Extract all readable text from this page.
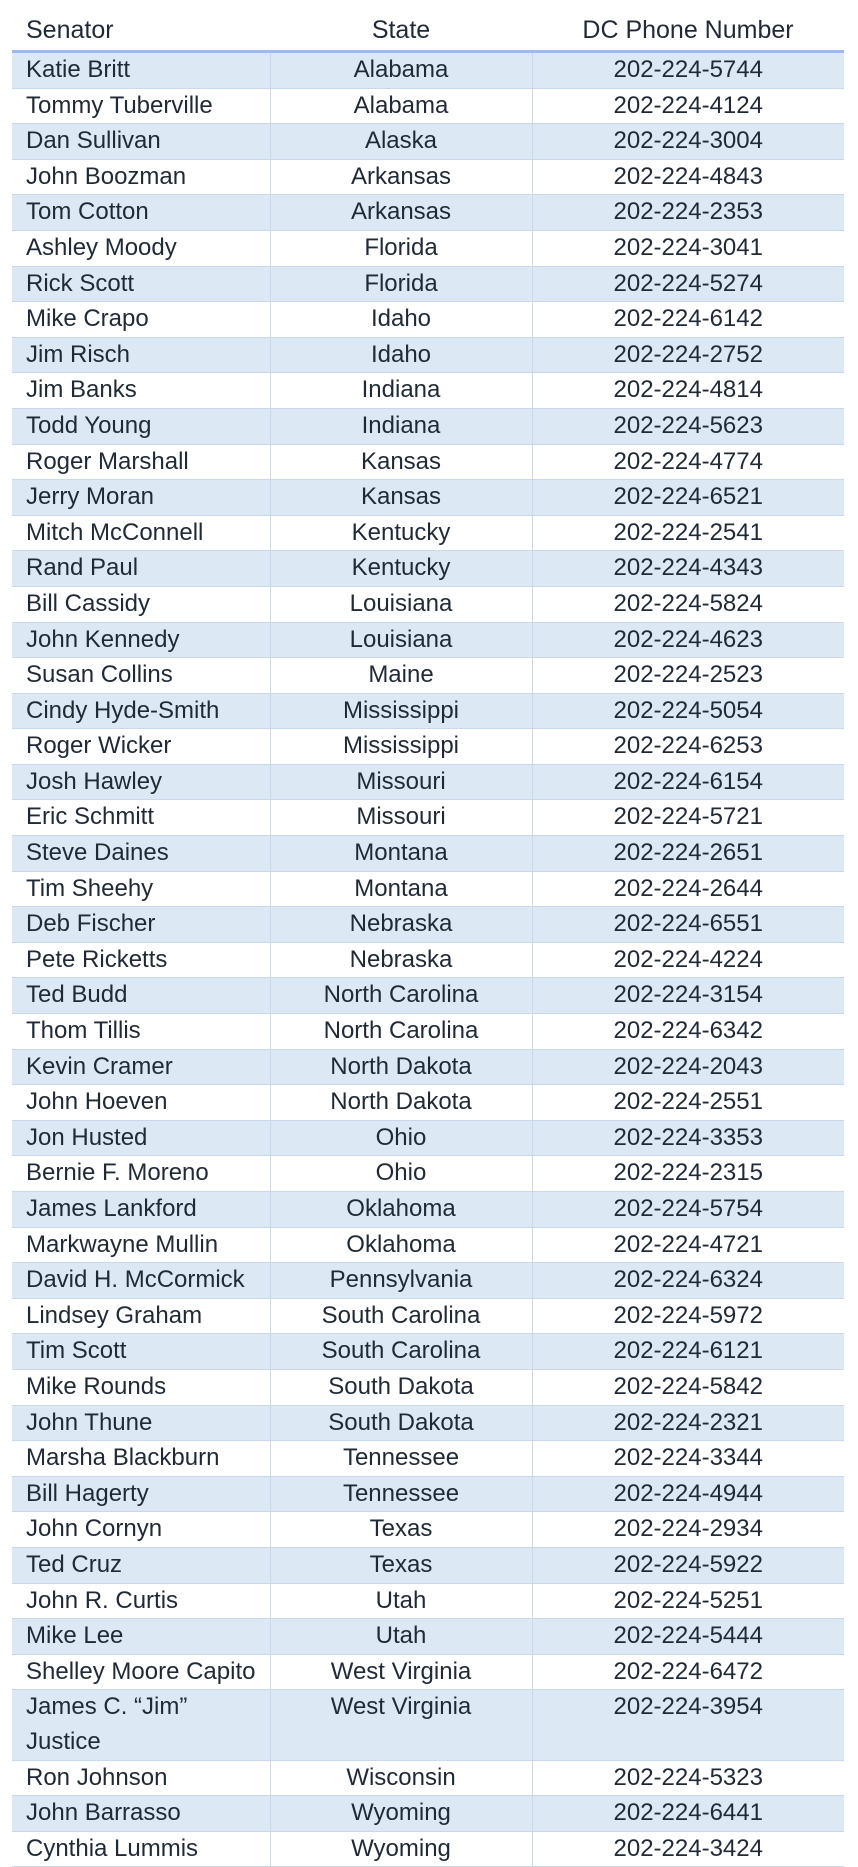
Senator	State	DC Phone Number
Katie Britt	Alabama	202-224-5744
Tommy Tuberville	Alabama	202-224-4124
Dan Sullivan	Alaska	202-224-3004
John Boozman	Arkansas	202-224-4843
Tom Cotton	Arkansas	202-224-2353
Ashley Moody	Florida	202-224-3041
Rick Scott	Florida	202-224-5274
Mike Crapo	Idaho	202-224-6142
Jim Risch	Idaho	202-224-2752
Jim Banks	Indiana	202-224-4814
Todd Young	Indiana	202-224-5623
Roger Marshall	Kansas	202-224-4774
Jerry Moran	Kansas	202-224-6521
Mitch McConnell	Kentucky	202-224-2541
Rand Paul	Kentucky	202-224-4343
Bill Cassidy	Louisiana	202-224-5824
John Kennedy	Louisiana	202-224-4623
Susan Collins	Maine	202-224-2523
Cindy Hyde-Smith	Mississippi	202-224-5054
Roger Wicker	Mississippi	202-224-6253
Josh Hawley	Missouri	202-224-6154
Eric Schmitt	Missouri	202-224-5721
Steve Daines	Montana	202-224-2651
Tim Sheehy	Montana	202-224-2644
Deb Fischer	Nebraska	202-224-6551
Pete Ricketts	Nebraska	202-224-4224
Ted Budd	North Carolina	202-224-3154
Thom Tillis	North Carolina	202-224-6342
Kevin Cramer	North Dakota	202-224-2043
John Hoeven	North Dakota	202-224-2551
Jon Husted	Ohio	202-224-3353
Bernie F. Moreno	Ohio	202-224-2315
James Lankford	Oklahoma	202-224-5754
Markwayne Mullin	Oklahoma	202-224-4721
David H. McCormick	Pennsylvania	202-224-6324
Lindsey Graham	South Carolina	202-224-5972
Tim Scott	South Carolina	202-224-6121
Mike Rounds	South Dakota	202-224-5842
John Thune	South Dakota	202-224-2321
Marsha Blackburn	Tennessee	202-224-3344
Bill Hagerty	Tennessee	202-224-4944
John Cornyn	Texas	202-224-2934
Ted Cruz	Texas	202-224-5922
John R. Curtis	Utah	202-224-5251
Mike Lee	Utah	202-224-5444
Shelley Moore Capito	West Virginia	202-224-6472
James C. “Jim” Justice	West Virginia	202-224-3954
Ron Johnson	Wisconsin	202-224-5323
John Barrasso	Wyoming	202-224-6441
Cynthia Lummis	Wyoming	202-224-3424
